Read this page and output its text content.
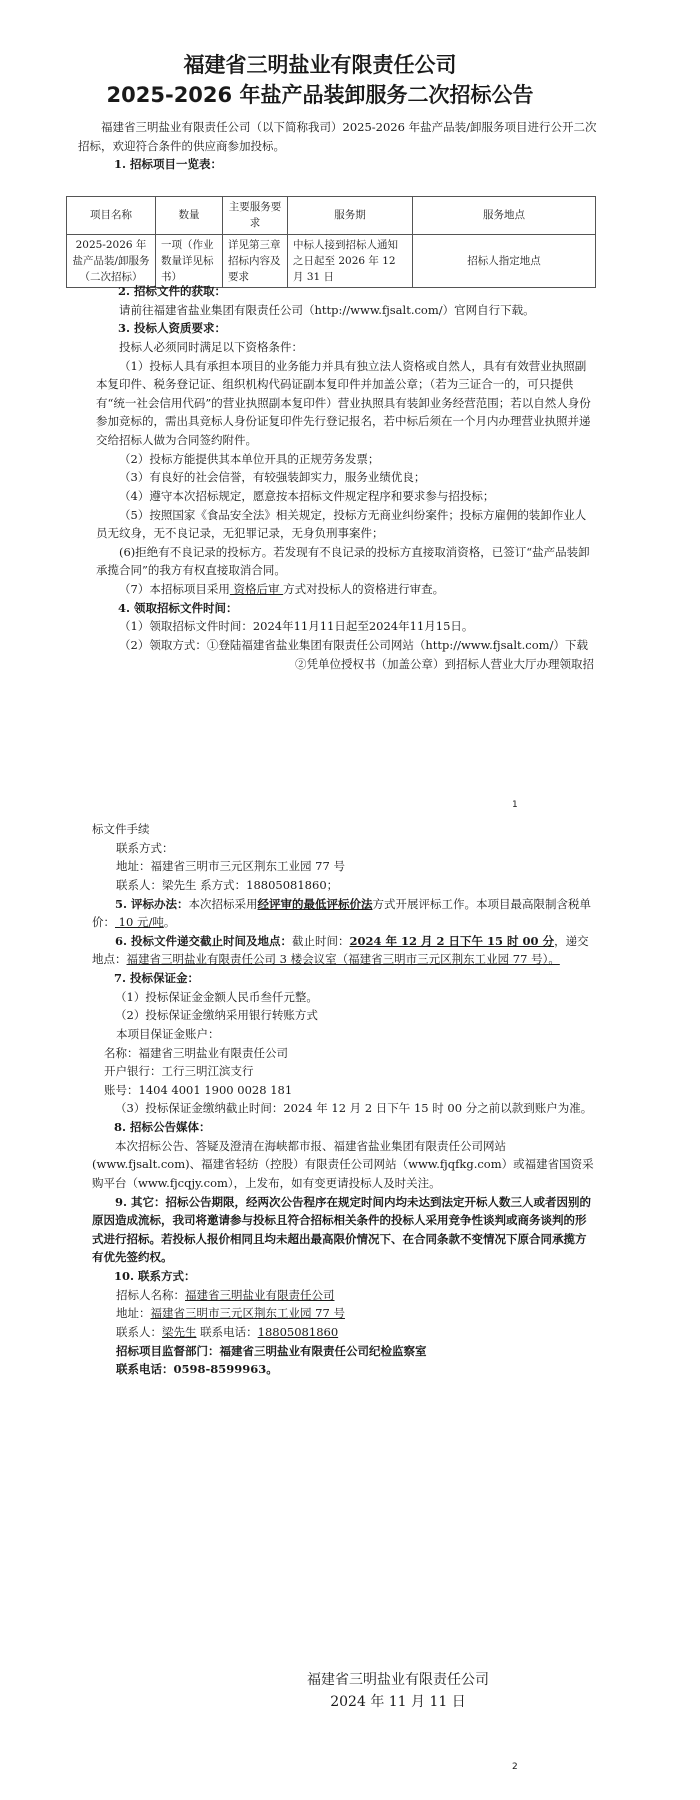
福建省三明盐业有限责任公司
2025-2026 年盐产品装卸服务二次招标公告

福建省三明盐业有限责任公司（以下简称我司）2025-2026 年盐产品装/卸服务项目进行公开二次招标，欢迎符合条件的供应商参加投标。

1. 招标项目一览表：

项目名称	数量	主要服务要求	服务期	服务地点
2025-2026 年盐产品装/卸服务（二次招标）	一项（作业数量详见标书）	详见第三章招标内容及要求	中标人接到招标人通知之日起至 2026 年 12 月 31 日	招标人指定地点

2. 招标文件的获取：

请前往福建省盐业集团有限责任公司（http://www.fjsalt.com/）官网自行下载。

3. 投标人资质要求：

投标人必须同时满足以下资格条件：

（1）投标人具有承担本项目的业务能力并具有独立法人资格或自然人，具有有效营业执照副本复印件、税务登记证、组织机构代码证副本复印件并加盖公章；（若为三证合一的，可只提供有“统一社会信用代码”的营业执照副本复印件）营业执照具有装卸业务经营范围；若以自然人身份参加竞标的，需出具竞标人身份证复印件先行登记报名，若中标后须在一个月内办理营业执照并递交给招标人做为合同签约附件。

（2）投标方能提供其本单位开具的正规劳务发票；

（3）有良好的社会信誉，有较强装卸实力，服务业绩优良；

（4）遵守本次招标规定，愿意按本招标文件规定程序和要求参与招投标；

（5）按照国家《食品安全法》相关规定，投标方无商业纠纷案件；投标方雇佣的装卸作业人员无纹身，无不良记录，无犯罪记录，无身负刑事案件；

(6)拒绝有不良记录的投标方。若发现有不良记录的投标方直接取消资格，已签订“盐产品装卸承揽合同”的我方有权直接取消合同。

（7）本招标项目采用 资格后审 方式对投标人的资格进行审查。

4. 领取招标文件时间：

（1）领取招标文件时间：2024年11月11日起至2024年11月15日。

（2）领取方式：①登陆福建省盐业集团有限责任公司网站（http://www.fjsalt.com/）下载

②凭单位授权书（加盖公章）到招标人营业大厅办理领取招

1

标文件手续

联系方式：

地址：福建省三明市三元区荆东工业园 77 号

联系人：梁先生 系方式：18805081860；

5. 评标办法：本次招标采用经评审的最低评标价法方式开展评标工作。本项目最高限制含税单价： 10 元/吨。

6. 投标文件递交截止时间及地点：截止时间：2024 年 12 月 2 日下午 15 时 00 分，递交地点：福建省三明盐业有限责任公司 3 楼会议室（福建省三明市三元区荆东工业园 77 号）。

7. 投标保证金：

（1）投标保证金金额人民币叁仟元整。

（2）投标保证金缴纳采用银行转账方式

本项目保证金账户：

名称：福建省三明盐业有限责任公司

开户银行：工行三明江滨支行

账号：1404 4001 1900 0028 181

（3）投标保证金缴纳截止时间：2024 年 12 月 2 日下午 15 时 00 分之前以款到账户为准。

8. 招标公告媒体：

本次招标公告、答疑及澄清在海峡都市报、福建省盐业集团有限责任公司网站(www.fjsalt.com)、福建省轻纺（控股）有限责任公司网站（www.fjqfkg.com）或福建省国资采购平台（www.fjcqjy.com），上发布，如有变更请投标人及时关注。

9. 其它：招标公告期限，经两次公告程序在规定时间内均未达到法定开标人数三人或者因别的原因造成流标，我司将邀请参与投标且符合招标相关条件的投标人采用竞争性谈判或商务谈判的形式进行招标。若投标人报价相同且均未超出最高限价情况下、在合同条款不变情况下原合同承揽方有优先签约权。

10. 联系方式：

招标人名称：福建省三明盐业有限责任公司

地址：福建省三明市三元区荆东工业园 77 号

联系人：梁先生 联系电话：18805081860

招标项目监督部门：福建省三明盐业有限责任公司纪检监察室

联系电话：0598-8599963。

福建省三明盐业有限责任公司
2024 年 11 月 11 日
2
